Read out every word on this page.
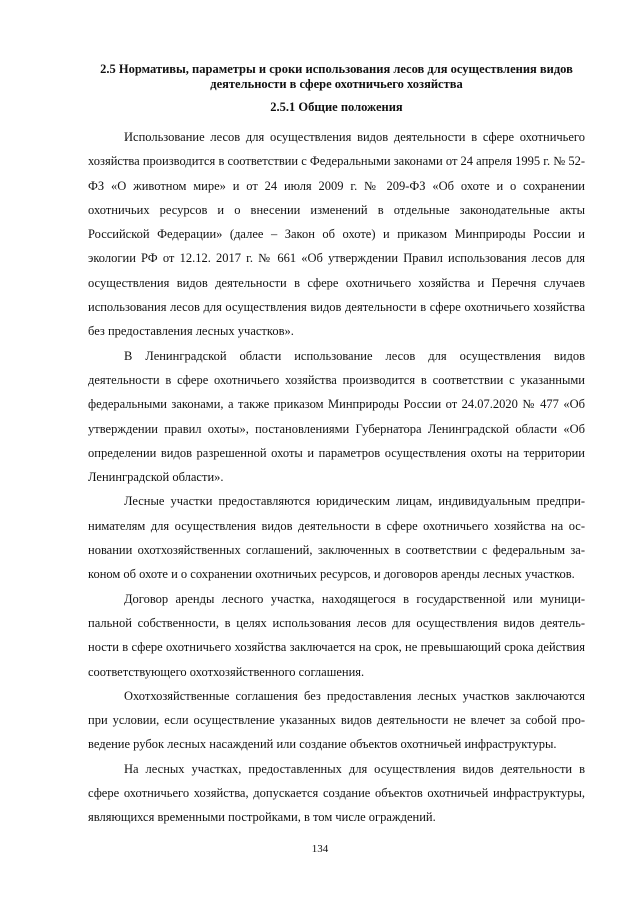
2.5 Нормативы, параметры и сроки использования лесов для осуществления видов
деятельности в сфере охотничьего хозяйства
2.5.1 Общие положения

Использование лесов для осуществления видов деятельности в сфере охотничьего хозяйства производится в соответствии с Федеральными законами от 24 апреля 1995 г. № 52-ФЗ «О животном мире» и от 24 июля 2009 г. № 209-ФЗ «Об охоте и о сохранении охотничьих ресурсов и о внесении изменений в отдельные законодательные акты Российской Федерации» (далее – Закон об охоте) и приказом Минприроды России и экологии РФ от 12.12. 2017 г. № 661 «Об утверждении Правил использования лесов для осуществления видов деятельности в сфере охотничьего хозяйства и Перечня случаев использования лесов для осуществления видов деятельности в сфере охотничьего хозяйства без предоставления лесных участков».

В Ленинградской области использование лесов для осуществления видов деятельности в сфере охотничьего хозяйства производится в соответствии с указанными федеральными законами, а также приказом Минприроды России от 24.07.2020 № 477 «Об утверждении правил охоты», постановлениями Губернатора Ленинградской области «Об определении видов разрешенной охоты и параметров осуществления охоты на территории Ленинградской области».

Лесные участки предоставляются юридическим лицам, индивидуальным предпринимателям для осуществления видов деятельности в сфере охотничьего хозяйства на основании охотхозяйственных соглашений, заключенных в соответствии с федеральным законом об охоте и о сохранении охотничьих ресурсов, и договоров аренды лесных участков.

Договор аренды лесного участка, находящегося в государственной или муниципальной собственности, в целях использования лесов для осуществления видов деятельности в сфере охотничьего хозяйства заключается на срок, не превышающий срока действия соответствующего охотхозяйственного соглашения.

Охотхозяйственные соглашения без предоставления лесных участков заключаются при условии, если осуществление указанных видов деятельности не влечет за собой проведение рубок лесных насаждений или создание объектов охотничьей инфраструктуры.

На лесных участках, предоставленных для осуществления видов деятельности в сфере охотничьего хозяйства, допускается создание объектов охотничьей инфраструктуры, являющихся временными постройками, в том числе ограждений.

134
